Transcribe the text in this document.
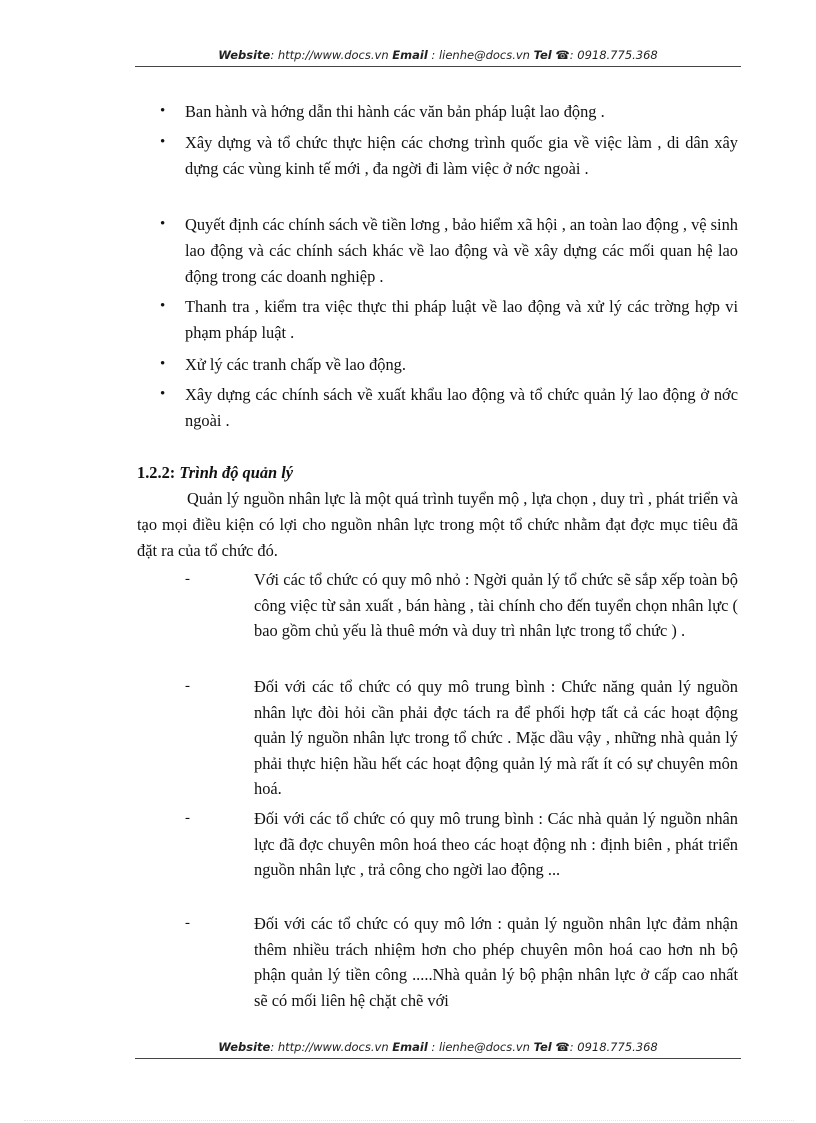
Website: http://www.docs.vn Email : lienhe@docs.vn Tel ☎: 0918.775.368
• Ban hành và hớng dẫn thi hành các văn bản pháp luật lao động .
• Xây dựng và tổ chức thực hiện các chơng trình quốc gia về việc làm , di dân xây dựng các vùng kinh tế mới , đa ngời đi làm việc ở nớc ngoài .
• Quyết định các chính sách về tiền lơng , bảo hiểm xã hội , an toàn lao động , vệ sinh lao động và các chính sách khác về lao động và về xây dựng các mối quan hệ lao động trong các doanh nghiệp .
• Thanh tra , kiểm tra việc thực thi pháp luật về lao động và xử lý các trờng hợp vi phạm pháp luật .
• Xử lý các tranh chấp về lao động.
• Xây dựng các chính sách về xuất khẩu lao động và tổ chức quản lý lao động ở nớc ngoài .
1.2.2: Trình độ quản lý
Quản lý nguồn nhân lực là một quá trình tuyển mộ , lựa chọn , duy trì , phát triển và tạo mọi điều kiện có lợi cho nguồn nhân lực trong một tổ chức nhằm đạt đợc mục tiêu đã đặt ra của tổ chức đó.
-	Với các tổ chức có quy mô nhỏ : Ngời quản lý tổ chức sẽ sắp xếp toàn bộ công việc từ sản xuất , bán hàng , tài chính cho đến tuyển chọn nhân lực ( bao gồm chủ yếu là thuê mớn và duy trì nhân lực trong tổ chức ) .
-	Đối với các tổ chức có quy mô trung bình : Chức năng quản lý nguồn nhân lực đòi hỏi cần phải đợc tách ra để phối hợp tất cả các hoạt động quản lý nguồn nhân lực trong tổ chức . Mặc dầu vậy , những nhà quản lý phải thực hiện hầu hết các hoạt động quản lý mà rất ít có sự chuyên môn hoá.
-	Đối với các tổ chức có quy mô trung bình : Các nhà quản lý nguồn nhân lực đã đợc chuyên môn hoá theo các hoạt động nh : định biên , phát triển nguồn nhân lực , trả công cho ngời lao động ...
-	Đối với các tổ chức có quy mô lớn : quản lý nguồn nhân lực đảm nhận thêm nhiều trách nhiệm hơn cho phép chuyên môn hoá cao hơn nh bộ phận quản lý tiền công .....Nhà quản lý bộ phận nhân lực ở cấp cao nhất sẽ có mối liên hệ chặt chẽ với
Website: http://www.docs.vn Email : lienhe@docs.vn Tel ☎: 0918.775.368
